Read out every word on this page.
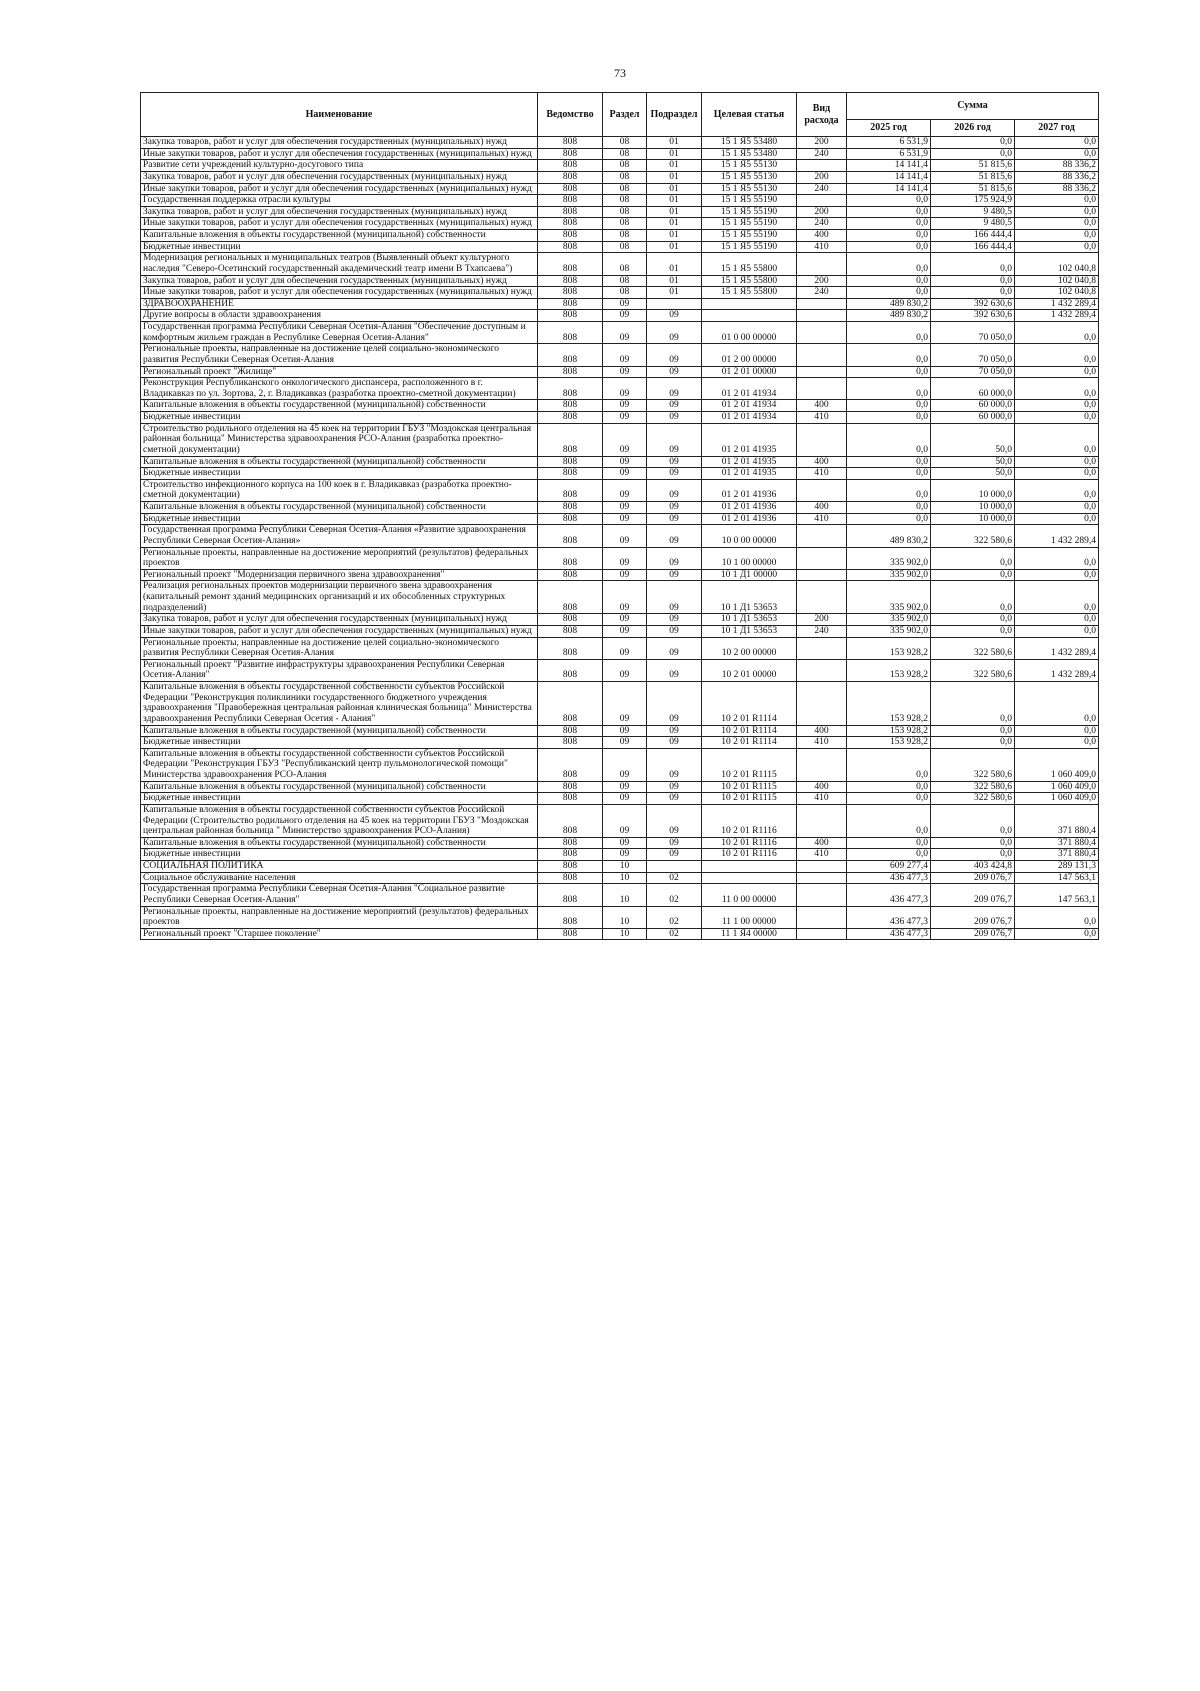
73
Наименование	Ведомство	Раздел	Подраздел	Целевая статья	Вид расхода	Сумма		
						2025 год	2026 год	2027 год
Закупка товаров, работ и услуг для обеспечения государственных (муниципальных) нужд	808	08	01	15 1 Я5 53480	200	6 531,9	0,0	0,0
Иные закупки товаров, работ и услуг для обеспечения государственных (муниципальных) нужд	808	08	01	15 1 Я5 53480	240	6 531,9	0,0	0,0
Развитие сети учреждений культурно-досугового типа	808	08	01	15 1 Я5 55130		14 141,4	51 815,6	88 336,2
Закупка товаров, работ и услуг для обеспечения государственных (муниципальных) нужд	808	08	01	15 1 Я5 55130	200	14 141,4	51 815,6	88 336,2
Иные закупки товаров, работ и услуг для обеспечения государственных (муниципальных) нужд	808	08	01	15 1 Я5 55130	240	14 141,4	51 815,6	88 336,2
Государственная поддержка отрасли культуры	808	08	01	15 1 Я5 55190		0,0	175 924,9	0,0
Закупка товаров, работ и услуг для обеспечения государственных (муниципальных) нужд	808	08	01	15 1 Я5 55190	200	0,0	9 480,5	0,0
Иные закупки товаров, работ и услуг для обеспечения государственных (муниципальных) нужд	808	08	01	15 1 Я5 55190	240	0,0	9 480,5	0,0
Капитальные вложения в объекты государственной (муниципальной) собственности	808	08	01	15 1 Я5 55190	400	0,0	166 444,4	0,0
Бюджетные инвестиции	808	08	01	15 1 Я5 55190	410	0,0	166 444,4	0,0
Модернизация региональных и муниципальных театров (Выявленный объект культурного наследия "Северо-Осетинский государственный академический театр имени В Тхапсаева")	808	08	01	15 1 Я5 55800		0,0	0,0	102 040,8
Закупка товаров, работ и услуг для обеспечения государственных (муниципальных) нужд	808	08	01	15 1 Я5 55800	200	0,0	0,0	102 040,8
Иные закупки товаров, работ и услуг для обеспечения государственных (муниципальных) нужд	808	08	01	15 1 Я5 55800	240	0,0	0,0	102 040,8
ЗДРАВООХРАНЕНИЕ	808	09				489 830,2	392 630,6	1 432 289,4
Другие вопросы в области здравоохранения	808	09	09			489 830,2	392 630,6	1 432 289,4
Государственная программа Республики Северная Осетия-Алания "Обеспечение доступным и комфортным жильем граждан в Республике Северная Осетия-Алания"	808	09	09	01 0 00 00000		0,0	70 050,0	0,0
Региональные проекты, направленные на достижение целей социально-экономического развития Республики Северная Осетия-Алания	808	09	09	01 2 00 00000		0,0	70 050,0	0,0
Региональный проект "Жилище"	808	09	09	01 2 01 00000		0,0	70 050,0	0,0
Реконструкция Республиканского онкологического диспансера, расположенного в г. Владикавказ по ул. Зортова, 2, г. Владикавказ (разработка проектно-сметной документации)	808	09	09	01 2 01 41934		0,0	60 000,0	0,0
Капитальные вложения в объекты государственной (муниципальной) собственности	808	09	09	01 2 01 41934	400	0,0	60 000,0	0,0
Бюджетные инвестиции	808	09	09	01 2 01 41934	410	0,0	60 000,0	0,0
Строительство родильного отделения на 45 коек на территории ГБУЗ "Моздокская центральная районная больница" Министерства здравоохранения РСО-Алания (разработка проектно-сметной документации)	808	09	09	01 2 01 41935		0,0	50,0	0,0
Капитальные вложения в объекты государственной (муниципальной) собственности	808	09	09	01 2 01 41935	400	0,0	50,0	0,0
Бюджетные инвестиции	808	09	09	01 2 01 41935	410	0,0	50,0	0,0
Строительство инфекционного корпуса на 100 коек в г. Владикавказ (разработка проектно-сметной документации)	808	09	09	01 2 01 41936		0,0	10 000,0	0,0
Капитальные вложения в объекты государственной (муниципальной) собственности	808	09	09	01 2 01 41936	400	0,0	10 000,0	0,0
Бюджетные инвестиции	808	09	09	01 2 01 41936	410	0,0	10 000,0	0,0
Государственная программа Республики Северная Осетия-Алания «Развитие здравоохранения Республики Северная Осетия-Алания»	808	09	09	10 0 00 00000		489 830,2	322 580,6	1 432 289,4
Региональные проекты, направленные на достижение мероприятий (результатов) федеральных проектов	808	09	09	10 1 00 00000		335 902,0	0,0	0,0
Региональный проект "Модернизация первичного звена здравоохранения"	808	09	09	10 1 Д1 00000		335 902,0	0,0	0,0
Реализация региональных проектов модернизации первичного звена здравоохранения (капитальный ремонт зданий медицинских организаций и их обособленных структурных подразделений)	808	09	09	10 1 Д1 53653		335 902,0	0,0	0,0
Закупка товаров, работ и услуг для обеспечения государственных (муниципальных) нужд	808	09	09	10 1 Д1 53653	200	335 902,0	0,0	0,0
Иные закупки товаров, работ и услуг для обеспечения государственных (муниципальных) нужд	808	09	09	10 1 Д1 53653	240	335 902,0	0,0	0,0
Региональные проекты, направленные на достижение целей социально-экономического развития Республики Северная Осетия-Алания	808	09	09	10 2 00 00000		153 928,2	322 580,6	1 432 289,4
Региональный проект "Развитие инфраструктуры здравоохранения Республики Северная Осетия-Алания"	808	09	09	10 2 01 00000		153 928,2	322 580,6	1 432 289,4
Капитальные вложения в объекты государственной собственности субъектов Российской Федерации "Реконструкция поликлиники государственного бюджетного учреждения здравоохранения "Правобережная центральная районная клиническая больница" Министерства здравоохранения Республики Северная Осетия - Алания"	808	09	09	10 2 01 R1114		153 928,2	0,0	0,0
Капитальные вложения в объекты государственной (муниципальной) собственности	808	09	09	10 2 01 R1114	400	153 928,2	0,0	0,0
Бюджетные инвестиции	808	09	09	10 2 01 R1114	410	153 928,2	0,0	0,0
Капитальные вложения в объекты государственной собственности субъектов Российской Федерации "Реконструкция ГБУЗ "Республиканский центр пульмонологической помощи" Министерства здравоохранения РСО-Алания	808	09	09	10 2 01 R1115		0,0	322 580,6	1 060 409,0
Капитальные вложения в объекты государственной (муниципальной) собственности	808	09	09	10 2 01 R1115	400	0,0	322 580,6	1 060 409,0
Бюджетные инвестиции	808	09	09	10 2 01 R1115	410	0,0	322 580,6	1 060 409,0
Капитальные вложения в объекты государственной собственности субъектов Российской Федерации (Строительство родильного отделения на 45 коек на территории ГБУЗ "Моздокская центральная районная больница " Министерство здравоохранения РСО-Алания)	808	09	09	10 2 01 R1116		0,0	0,0	371 880,4
Капитальные вложения в объекты государственной (муниципальной) собственности	808	09	09	10 2 01 R1116	400	0,0	0,0	371 880,4
Бюджетные инвестиции	808	09	09	10 2 01 R1116	410	0,0	0,0	371 880,4
СОЦИАЛЬНАЯ ПОЛИТИКА	808	10				609 277,4	403 424,8	289 131,3
Социальное обслуживание населения	808	10	02			436 477,3	209 076,7	147 563,1
Государственная программа Республики Северная Осетия-Алания "Социальное развитие Республики Северная Осетия-Алания"	808	10	02	11 0 00 00000		436 477,3	209 076,7	147 563,1
Региональные проекты, направленные на достижение мероприятий (результатов) федеральных проектов	808	10	02	11 1 00 00000		436 477,3	209 076,7	0,0
Региональный проект "Старшее поколение"	808	10	02	11 1 Я4 00000		436 477,3	209 076,7	0,0
